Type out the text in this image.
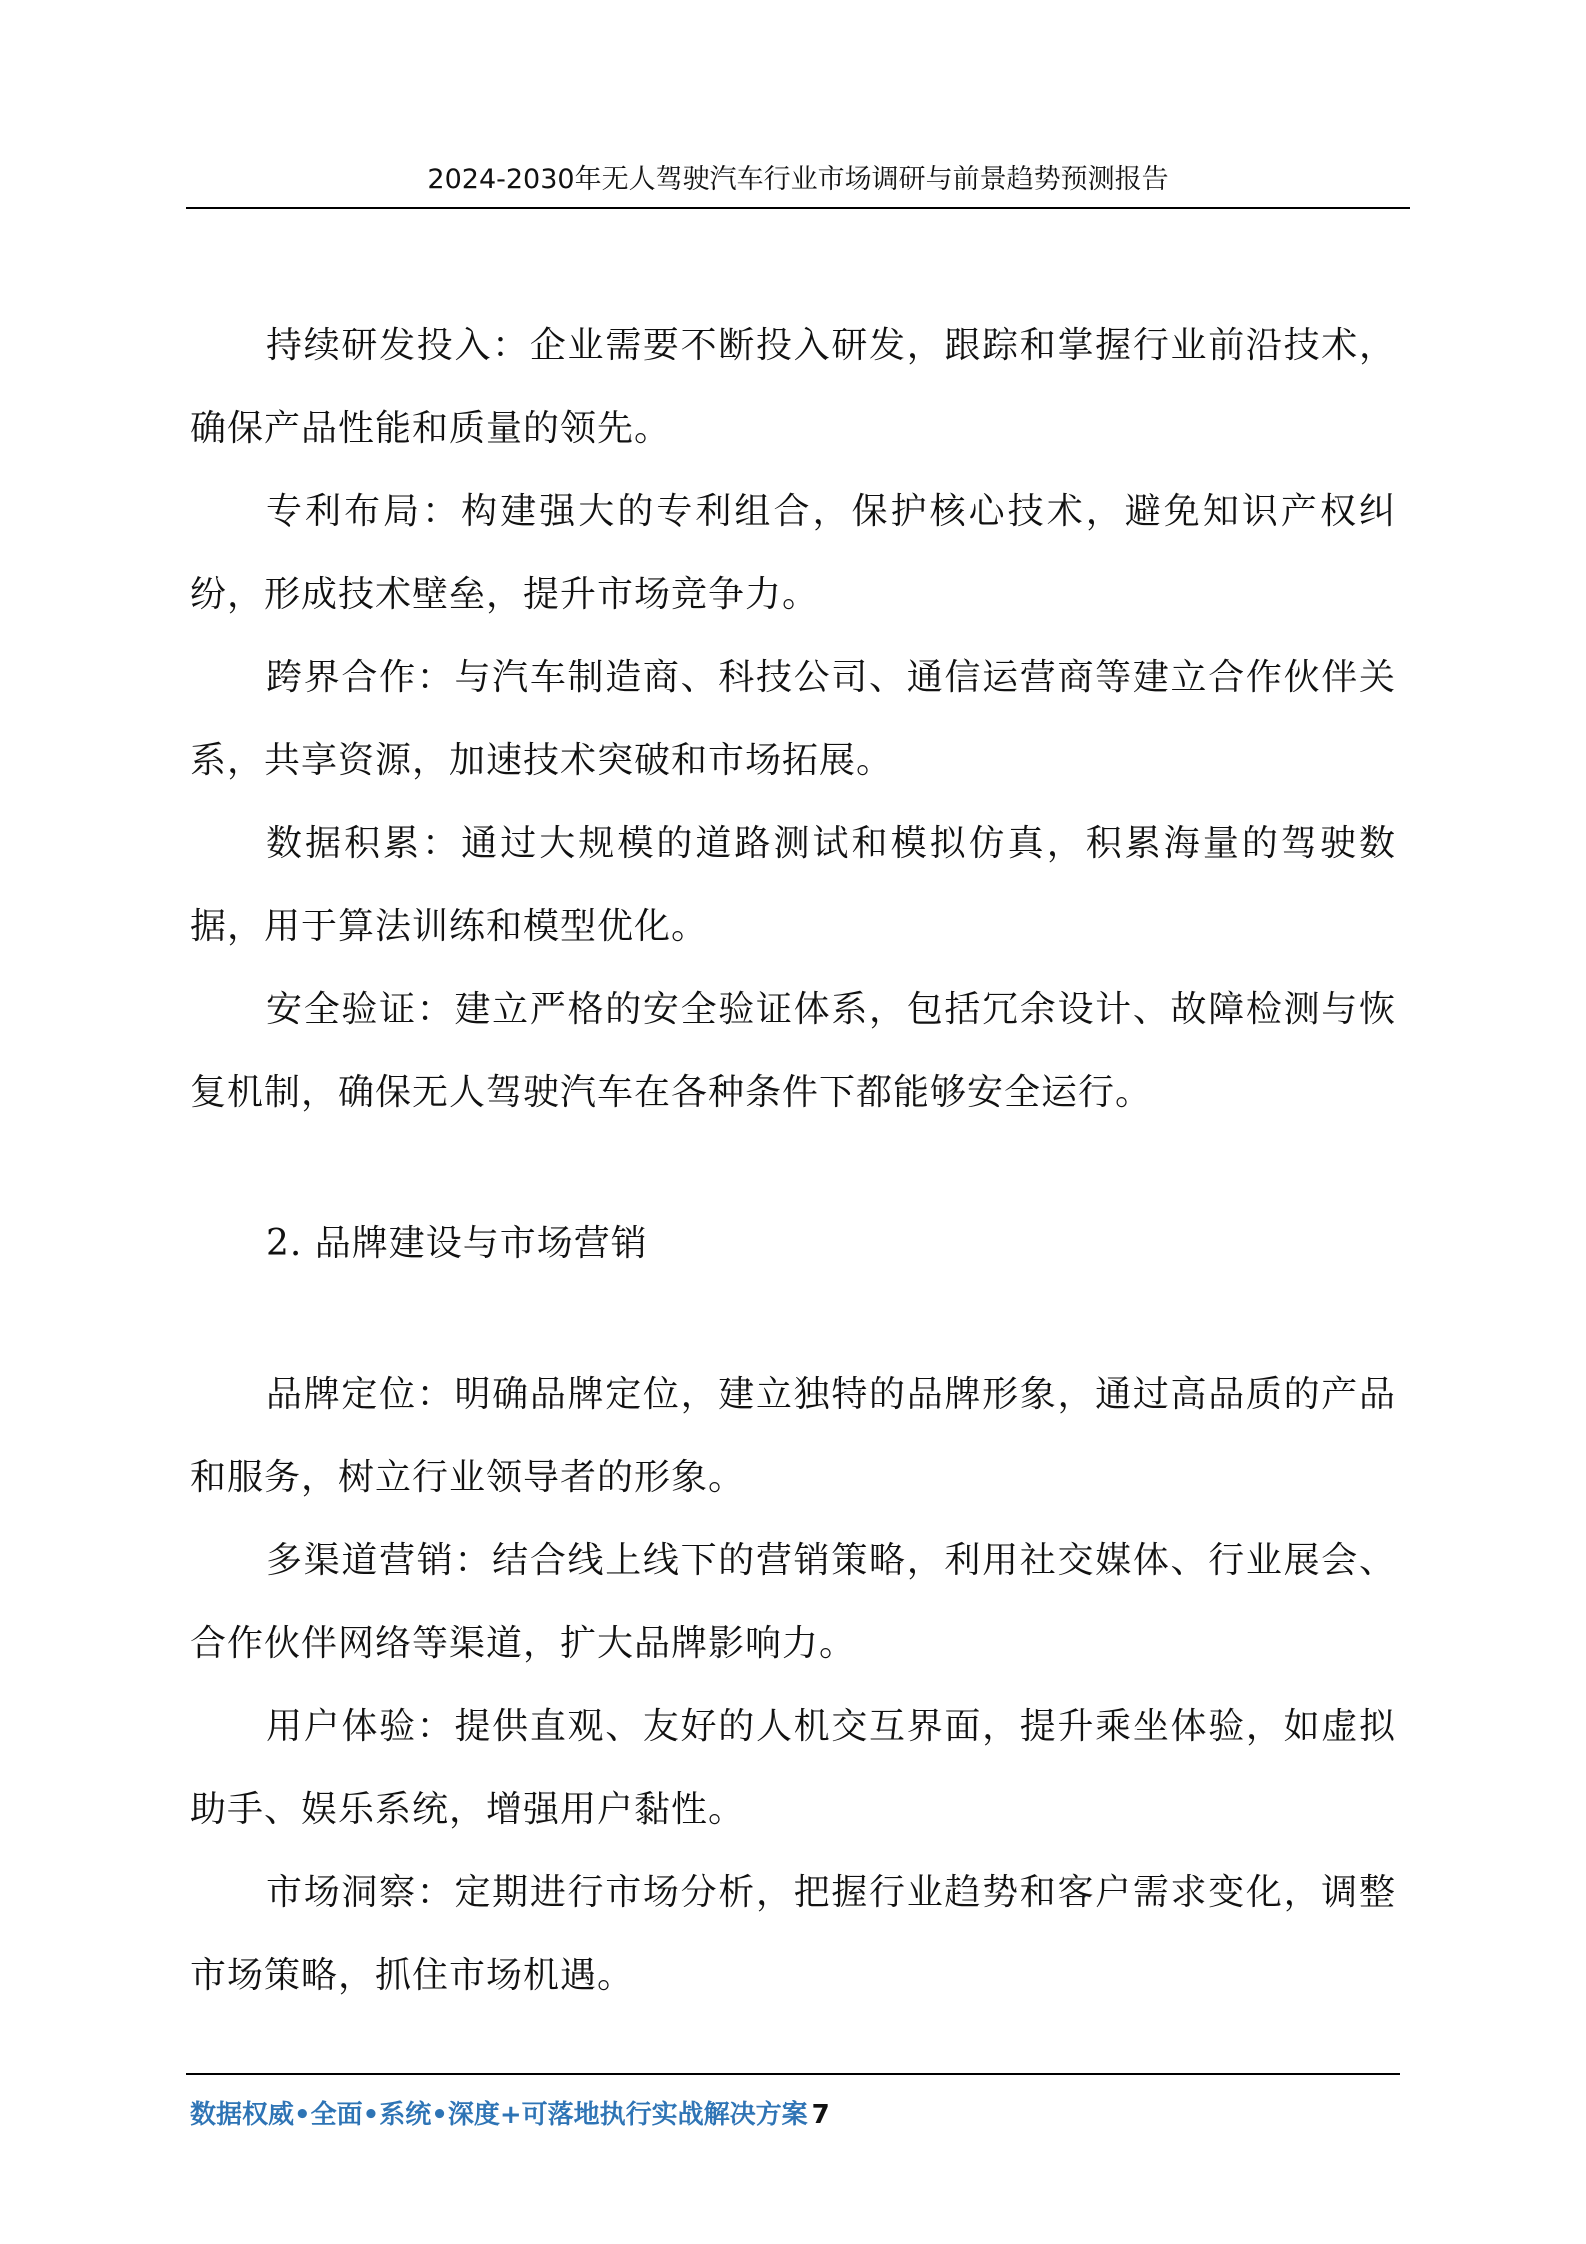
2024-2030年无人驾驶汽车行业市场调研与前景趋势预测报告

持续研发投入：企业需要不断投入研发，跟踪和掌握行业前沿技术，确保产品性能和质量的领先。

专利布局：构建强大的专利组合，保护核心技术，避免知识产权纠纷，形成技术壁垒，提升市场竞争力。

跨界合作：与汽车制造商、科技公司、通信运营商等建立合作伙伴关系，共享资源，加速技术突破和市场拓展。

数据积累：通过大规模的道路测试和模拟仿真，积累海量的驾驶数据，用于算法训练和模型优化。

安全验证：建立严格的安全验证体系，包括冗余设计、故障检测与恢复机制，确保无人驾驶汽车在各种条件下都能够安全运行。

2. 品牌建设与市场营销

品牌定位：明确品牌定位，建立独特的品牌形象，通过高品质的产品和服务，树立行业领导者的形象。

多渠道营销：结合线上线下的营销策略，利用社交媒体、行业展会、合作伙伴网络等渠道，扩大品牌影响力。

用户体验：提供直观、友好的人机交互界面，提升乘坐体验，如虚拟助手、娱乐系统，增强用户黏性。

市场洞察：定期进行市场分析，把握行业趋势和客户需求变化，调整市场策略，抓住市场机遇。

数据权威•全面•系统•深度+可落地执行实战解决方案 7
